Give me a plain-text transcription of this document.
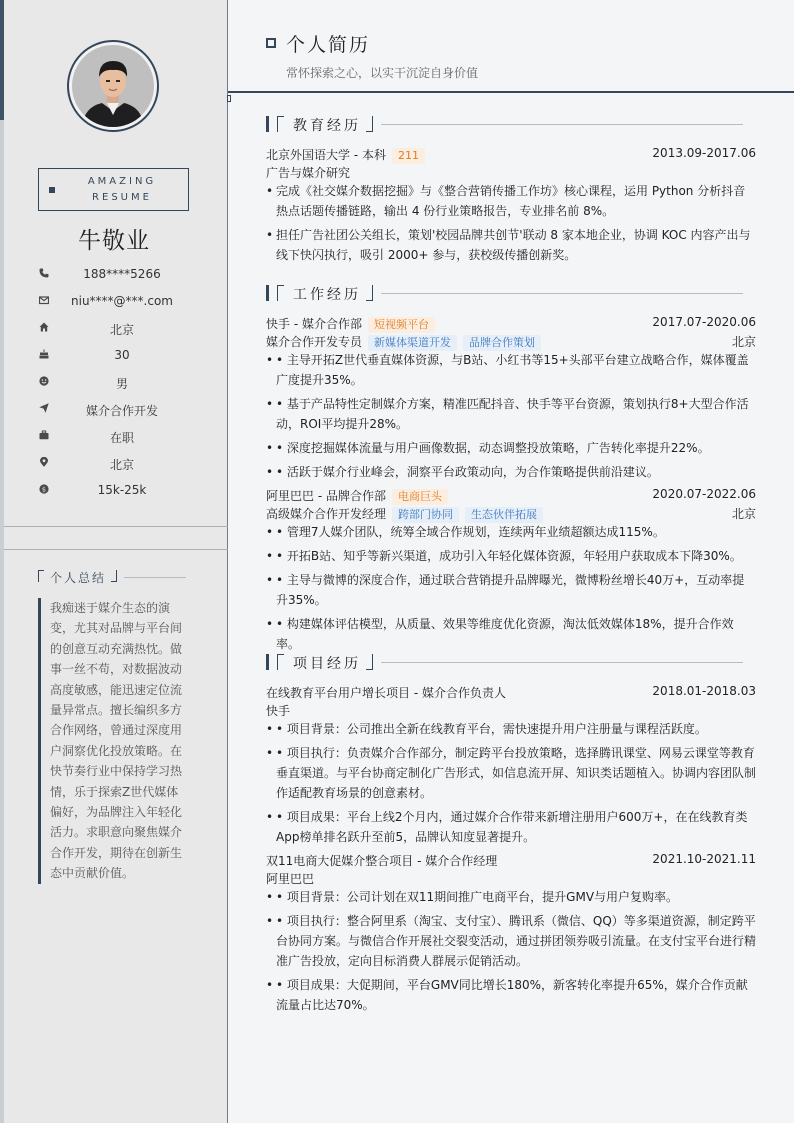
AMAZING
RESUME
牛敬业
188****5266
niu****@***.com
北京
30
男
媒介合作开发
在职
北京
$	15k-25k
个人总结
我痴迷于媒介生态的演变，尤其对品牌与平台间的创意互动充满热忱。做事一丝不苟，对数据波动高度敏感，能迅速定位流量异常点。擅长编织多方合作网络，曾通过深度用户洞察优化投放策略。在快节奏行业中保持学习热情，乐于探索Z世代媒体偏好，为品牌注入年轻化活力。求职意向聚焦媒介合作开发，期待在创新生态中贡献价值。
个人简历
常怀探索之心，以实干沉淀自身价值
教育经历
北京外国语大学 - 本科 211	2013.09-2017.06
广告与媒介研究
• 完成《社交媒介数据挖掘》与《整合营销传播工作坊》核心课程，运用 Python 分析抖音热点话题传播链路，输出 4 份行业策略报告，专业排名前 8%。
• 担任广告社团公关组长，策划'校园品牌共创节'联动 8 家本地企业，协调 KOC 内容产出与线下快闪执行，吸引 2000+ 参与，获校级传播创新奖。
工作经历
快手 - 媒介合作部 短视频平台	2017.07-2020.06
媒介合作开发专员 新媒体渠道开发 品牌合作策划	北京
• • 主导开拓Z世代垂直媒体资源，与B站、小红书等15+头部平台建立战略合作，媒体覆盖广度提升35%。
• • 基于产品特性定制媒介方案，精准匹配抖音、快手等平台资源，策划执行8+大型合作活动，ROI平均提升28%。
• • 深度挖掘媒体流量与用户画像数据，动态调整投放策略，广告转化率提升22%。
• • 活跃于媒介行业峰会，洞察平台政策动向，为合作策略提供前沿建议。
阿里巴巴 - 品牌合作部 电商巨头	2020.07-2022.06
高级媒介合作开发经理 跨部门协同 生态伙伴拓展	北京
• • 管理7人媒介团队，统筹全域合作规划，连续两年业绩超额达成115%。
• • 开拓B站、知乎等新兴渠道，成功引入年轻化媒体资源，年轻用户获取成本下降30%。
• • 主导与微博的深度合作，通过联合营销提升品牌曝光，微博粉丝增长40万+，互动率提升35%。
• • 构建媒体评估模型，从质量、效果等维度优化资源，淘汰低效媒体18%，提升合作效率。
项目经历
在线教育平台用户增长项目 - 媒介合作负责人	2018.01-2018.03
快手
• • 项目背景：公司推出全新在线教育平台，需快速提升用户注册量与课程活跃度。
• • 项目执行：负责媒介合作部分，制定跨平台投放策略，选择腾讯课堂、网易云课堂等教育垂直渠道。与平台协商定制化广告形式，如信息流开屏、知识类话题植入。协调内容团队制作适配教育场景的创意素材。
• • 项目成果：平台上线2个月内，通过媒介合作带来新增注册用户600万+，在在线教育类App榜单排名跃升至前5，品牌认知度显著提升。
双11电商大促媒介整合项目 - 媒介合作经理	2021.10-2021.11
阿里巴巴
• • 项目背景：公司计划在双11期间推广电商平台，提升GMV与用户复购率。
• • 项目执行：整合阿里系（淘宝、支付宝）、腾讯系（微信、QQ）等多渠道资源，制定跨平台协同方案。与微信合作开展社交裂变活动，通过拼团领券吸引流量。在支付宝平台进行精准广告投放，定向目标消费人群展示促销活动。
• • 项目成果：大促期间，平台GMV同比增长180%，新客转化率提升65%，媒介合作贡献流量占比达70%。
